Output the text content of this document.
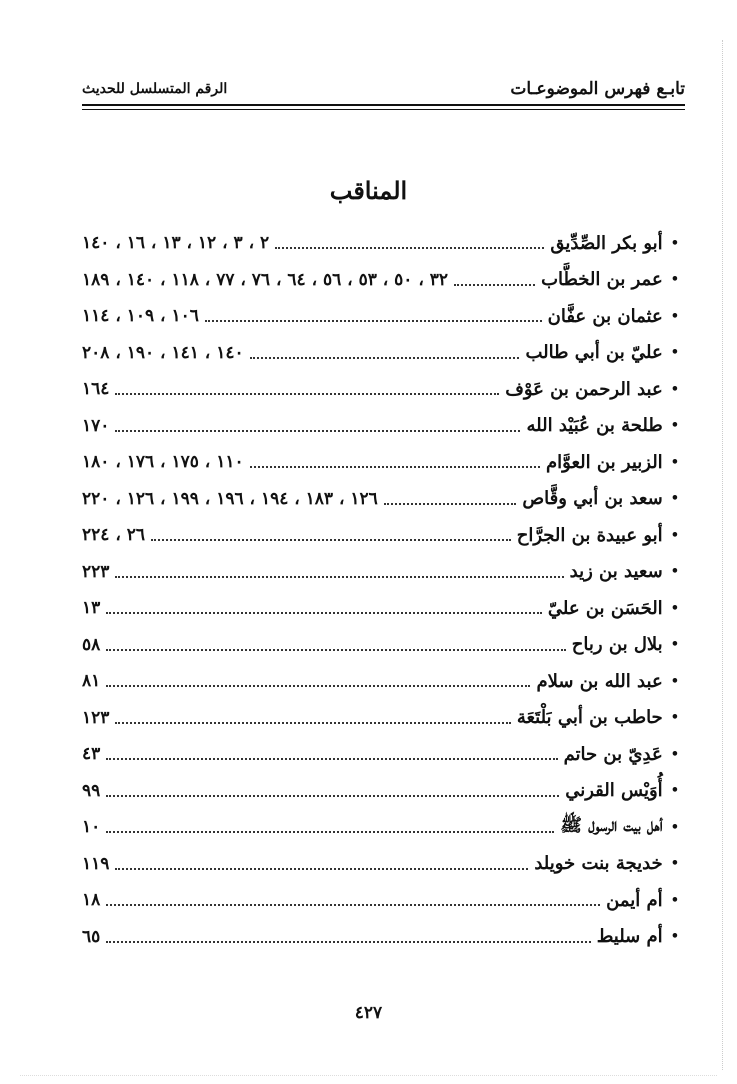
تابـع فهرس الموضوعـات
الرقم المتسلسل للحديث
المناقب
•
أبو بكر الصِّدِّيق
٢ ، ٣ ، ١٢ ، ١٣ ، ١٦ ، ١٤٠
•
عمر بن الخطَّاب
٣٢ ، ٥٠ ، ٥٣ ، ٥٦ ، ٦٤ ، ٧٦ ، ٧٧ ، ١١٨ ، ١٤٠ ، ١٨٩
•
عثمان بن عفَّان
١٠٦ ، ١٠٩ ، ١١٤
•
عليّ بن أبي طالب
١٤٠ ، ١٤١ ، ١٩٠ ، ٢٠٨
•
عبد الرحمن بن عَوْف
١٦٤
•
طلحة بن عُبَيْد الله
١٧٠
•
الزبير بن العوَّام
١١٠ ، ١٧٥ ، ١٧٦ ، ١٨٠
•
سعد بن أبي وقَّاص
١٢٦ ، ١٨٣ ، ١٩٤ ، ١٩٦ ، ١٩٩ ، ١٢٦ ، ٢٢٠
•
أبو عبيدة بن الجرَّاح
٢٦ ، ٢٢٤
•
سعيد بن زيد
٢٢٣
•
الحَسَن بن عليّ
١٣
•
بلال بن رباح
٥٨
•
عبد الله بن سلام
٨١
•
حاطب بن أبي بَلْتَعَة
١٢٣
•
عَدِيّ بن حاتم
٤٣
•
أُوَيْس القرني
٩٩
•
أهل بيت الرسول ﷺ
١٠
•
خديجة بنت خويلد
١١٩
•
أم أيمن
١٨
•
أم سليط
٦٥
٤٢٧
